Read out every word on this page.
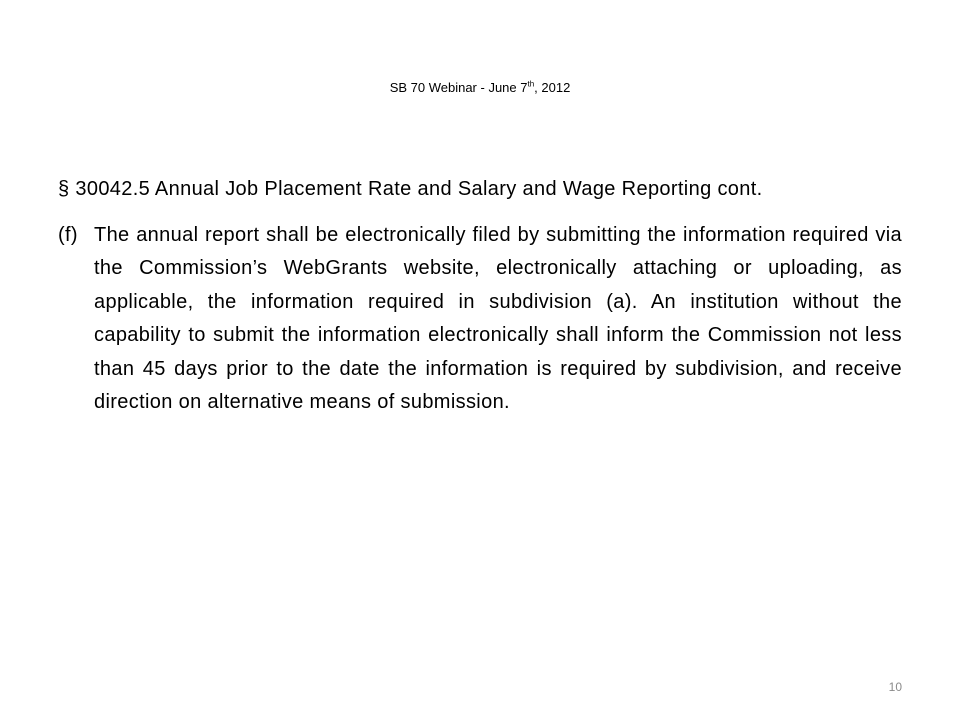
SB 70 Webinar - June 7th, 2012

§ 30042.5 Annual Job Placement Rate and Salary and Wage Reporting cont.

(f) The annual report shall be electronically filed by submitting the information required via the Commission’s WebGrants website, electronically attaching or uploading, as applicable, the information required in subdivision (a). An institution without the capability to submit the information electronically shall inform the Commission not less than 45 days prior to the date the information is required by subdivision, and receive direction on alternative means of submission.

10
